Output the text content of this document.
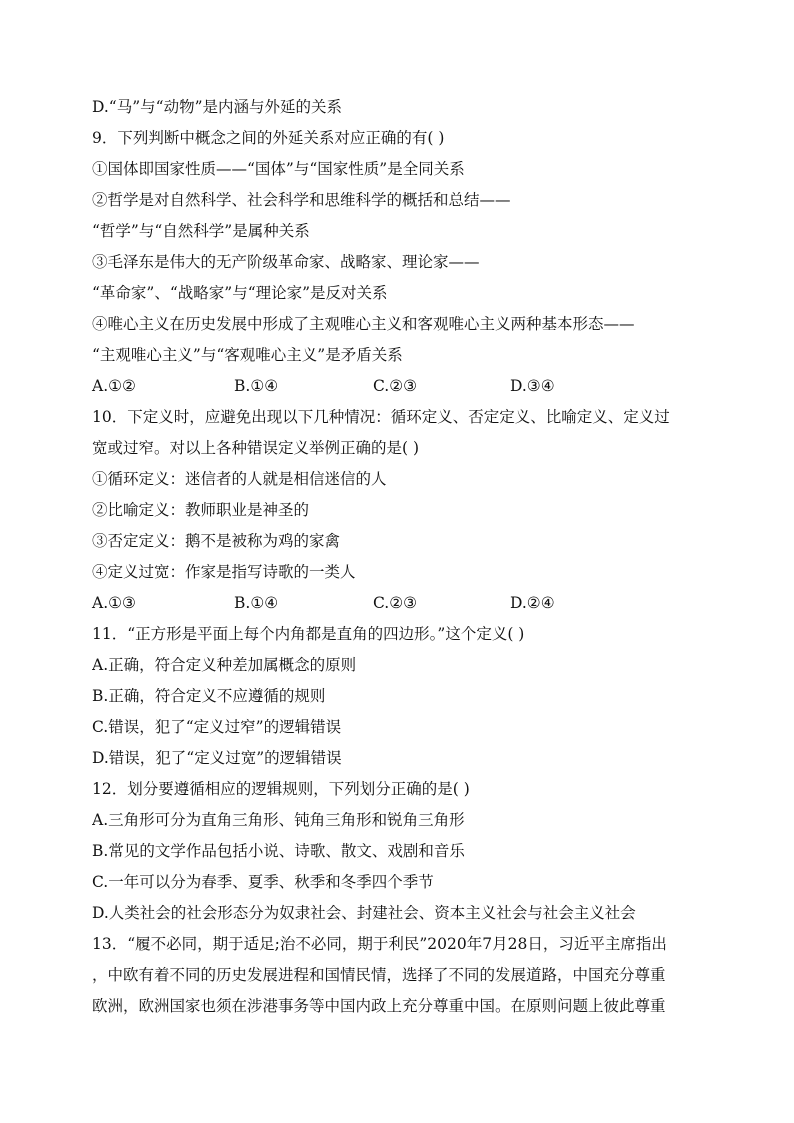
D.“马”与“动物”是内涵与外延的关系
9．下列判断中概念之间的外延关系对应正确的有( )
①国体即国家性质——“国体”与“国家性质”是全同关系
②哲学是对自然科学、社会科学和思维科学的概括和总结——
“哲学”与“自然科学”是属种关系
③毛泽东是伟大的无产阶级革命家、战略家、理论家——
“革命家”、“战略家”与“理论家”是反对关系
④唯心主义在历史发展中形成了主观唯心主义和客观唯心主义两种基本形态——
“主观唯心主义”与“客观唯心主义”是矛盾关系
A.①②	B.①④	C.②③	D.③④
10．下定义时，应避免出现以下几种情况：循环定义、否定定义、比喻定义、定义过
宽或过窄。对以上各种错误定义举例正确的是( )
①循环定义：迷信者的人就是相信迷信的人
②比喻定义：教师职业是神圣的
③否定定义：鹅不是被称为鸡的家禽
④定义过宽：作家是指写诗歌的一类人
A.①③	B.①④	C.②③	D.②④
11．“正方形是平面上每个内角都是直角的四边形。”这个定义( )
A.正确，符合定义种差加属概念的原则
B.正确，符合定义不应遵循的规则
C.错误，犯了“定义过窄”的逻辑错误
D.错误，犯了“定义过宽”的逻辑错误
12．划分要遵循相应的逻辑规则，下列划分正确的是( )
A.三角形可分为直角三角形、钝角三角形和锐角三角形
B.常见的文学作品包括小说、诗歌、散文、戏剧和音乐
C.一年可以分为春季、夏季、秋季和冬季四个季节
D.人类社会的社会形态分为奴隶社会、封建社会、资本主义社会与社会主义社会
13．“履不必同，期于适足;治不必同，期于利民”2020年7月28日，习近平主席指出
，中欧有着不同的历史发展进程和国情民情，选择了不同的发展道路，中国充分尊重
欧洲，欧洲国家也须在涉港事务等中国内政上充分尊重中国。在原则问题上彼此尊重
